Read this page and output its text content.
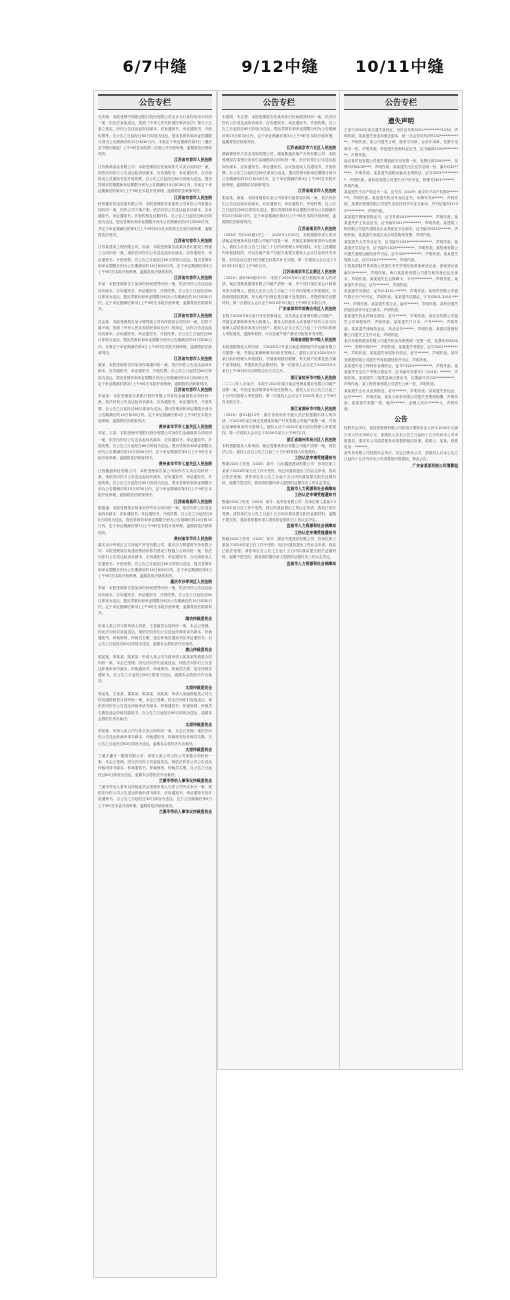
6/7中缝	9/12中缝	10/11中缝
公告专栏

孔庆敏：本院受理中国建设银行股份有限公司北京分行诉你信用卡纠纷一案，因无法直接送达，依照《中华人民共和国民事诉讼法》第九十五条之规定，向你公告送达起诉状副本、应诉通知书、举证通知书、开庭传票等。自公告之日起经过60日即视为送达，提出答辩状和举证的期限分别为公告期满后的15日和30日内，本案定于举证期满后第3日（遇法定节假日顺延）上午9时在本院第二法庭公开开庭审理，逾期将依法缺席判决。

江苏省句容市人民法院

江苏鼎鸿食品有限公司：本院受理原告张某诉你方买卖合同纠纷一案，现依法向你方公告送达起诉状副本、应诉通知书、举证通知书、合议庭组成人员通知书及开庭传票。自公告之日起经过60日即视为送达。提出答辩状的期限和举证期限分别为公告期满后15日和30日内。本案定于举证期满后的第3日上午9时在本院开庭审理，逾期将依法缺席判决。

江苏省句容市人民法院

杭州鑫旺机电设备有限公司：本院受理原告某建材公司诉你公司承揽合同纠纷一案，因你公司下落不明，依法向你公告送达起诉状副本、应诉通知书、举证通知书、开庭传票及证据材料。自公告之日起经过60日即视为送达，提出答辩状和举证期限分别为公告期满后的15日和30日内，并定于举证期满后的第3日上午9时30分在本院第五法庭开庭审理，逾期将依法判决。

江苏省句容市人民法院

江苏某建设工程有限公司、孙某：本院受理原告周某诉你们建设工程施工合同纠纷一案，现依法向你们公告送达起诉状副本、应诉通知书、举证通知书、开庭传票。自公告之日起经过60日即视为送达。提出答辩状和举证期限分别为公告期满后的15日和30日内，定于举证期满后第3日上午9时在本院开庭审理，逾期将依法缺席判决。

江苏省句容市人民法院

朱某：本院受理原告王某诉你民间借贷纠纷一案，依法向你公告送达起诉状副本、应诉通知书、举证通知书、开庭传票。自公告之日起经过60日即视为送达，提出答辩状和举证期限分别为公告期满后的15日和30日内，定于举证期满后第3日上午9时在本院开庭审理，逾期将依法缺席判决。

江苏省句容市人民法院

沈金春：本院受理原告某小额贷款公司诉你借款合同纠纷一案，因你下落不明，依照《中华人民共和国民事诉讼法》的规定，向你公告送达起诉状副本、应诉通知书、举证通知书、开庭传票。自公告之日起经过60日即视为送达，提出答辩状和举证期限分别为公告期满后的15日和30日内，本案定于举证期满后第3日上午9时在本院开庭审理，逾期将依法缺席判决。

江苏省句容市人民法院

夏某：本院受理原告许某诉你离婚纠纷一案，依法向你公告送达起诉状副本、应诉通知书、举证通知书、开庭传票。自公告之日起经过60日即视为送达，提出答辩状和举证期限分别为公告期满后的15日和30日内，定于举证期满后第3日上午9时在本院开庭审理，逾期将依法缺席判决。

江苏省句容市人民法院

朱某某：本院受理原告某银行股份有限公司诉你金融借款合同纠纷一案，依法向你公告送达起诉状副本、应诉通知书、举证通知书、开庭传票。自公告之日起经过60日即视为送达，提出答辩状和举证期限分别为公告期满后的15日和30日内，定于举证期满后第3日上午9时在本院开庭审理，逾期将依法缺席判决。

贵州省毕节市七星关区人民法院

李某、王某：本院受理中国银行股份有限公司诉你们金融借款合同纠纷一案，依法向你们公告送达起诉状副本、应诉通知书、举证通知书、开庭传票。自公告之日起经过60日即视为送达。提出答辩状和举证期限分别为公告期满后的15日和30日内，定于举证期满后第3日上午9时在本院开庭审理，逾期将依法缺席判决。

贵州省毕节市七星关区人民法院

江西鑫盛科技有限公司：本院受理原告某公司诉你方买卖合同纠纷一案，现依法向你方公告送达起诉状副本、应诉通知书、举证通知书、开庭传票。自公告之日起经过60日即视为送达，提出答辩状和举证期限分别为公告期满后的15日和30日内，定于举证期满后第3日上午9时在本院开庭审理，逾期将依法缺席判决。

江西省南昌市人民法院

陈德福：本院受理原告杨某诉你劳务合同纠纷一案，依法向你公告送达起诉状副本、应诉通知书、举证通知书、开庭传票。自公告之日起经过60日即视为送达，提出答辩状和举证期限分别为公告期满后的15日和30日内，定于举证期满后第3日上午9时在本院开庭审理，逾期将依法缺席判决。

贵州省毕节市人民法院

重庆市沙坪坝区五方房地产开发有限公司、重庆市力辉建筑劳务有限公司：本院受理原告某建设集团诉你们建设工程施工合同纠纷一案，依法向你们公告送达起诉状副本、应诉通知书、举证通知书、合议庭组成人员通知书、开庭传票。自公告之日起经过60日即视为送达，提出答辩状和举证期限分别为公告期满后的15日和30日内，定于举证期满后第3日上午9时在本院开庭审理，逾期将依法缺席判决。

重庆市沙坪坝区人民法院

李某：本院受理原告张某诉你民间借贷纠纷一案，依法向你公告送达起诉状副本、应诉通知书、举证通知书、开庭传票。自公告之日起经过60日即视为送达，提出答辩状和举证期限分别为公告期满后的15日和30日内，定于举证期满后第3日上午9时在本院开庭审理，逾期将依法缺席判决。

潍坊仲裁委员会

申请人某公司与被申请人刘某、王某租赁合同纠纷一案，本会已受理。因无法向你们直接送达，现依法向你们公告送达仲裁申请书副本、仲裁通知书、仲裁规则、仲裁员名册、选定仲裁员通知书及举证通知书。自公告之日起经过60日即视为送达，逾期本会将依法作出裁决。

唐山仲裁委员会

郭某某、李某某、陈某某：申请人某公司与被申请人郭某某等借款合同纠纷一案，本会已受理。因无法向你们直接送达，现依法向你们公告送达仲裁申请书副本、仲裁通知书、仲裁规则、仲裁员名册、选定仲裁员通知书。自公告之日起经过60日即视为送达，逾期本会将依法作出裁决。

太原仲裁委员会

郭某某、王某某、董某某、陈某某、刘某某：申请人某融资租赁公司与你们融资租赁合同纠纷一案，本会已受理。因无法向你们直接送达，现依法向你们公告送达仲裁申请书副本、仲裁通知书、仲裁规则、仲裁员名册及选定仲裁员通知书。自公告之日起经过60日即视为送达，逾期本会将依法作出裁决。

太原仲裁委员会

李某某：申请人某公司与你买卖合同纠纷一案，本会已受理。现依法向你公告送达仲裁申请书副本、仲裁通知书、仲裁规则及仲裁员名册。自公告之日起经过60日即视为送达，逾期本会将依法作出裁决。

太原仲裁委员会

兰溪天谦开一服饰有限公司：申请人某公司与你公司承揽合同纠纷一案，本会已受理。因无法向你公司直接送达，现依法向你公司公告送达仲裁申请书副本、仲裁通知书、仲裁规则、仲裁员名册。自公告之日起经过60日即视为送达，逾期本会将依法作出裁决。

兰溪市劳动人事争议仲裁委员会

兰溪市劳动人事争议仲裁委员会受理申请人与你公司劳动争议一案，现依法向你公司公告送达仲裁申请书副本、应诉通知书、举证通知书及开庭通知书。自公告之日起经过30日即视为送达，定于公告期满后第5日上午9时在本委开庭审理，逾期将依法缺席裁决。

兰溪市劳动人事争议仲裁委员会

公告专栏

朱建明、朱志勇：本院受理原告张某诉你们民间借贷纠纷一案，依法向你们公告送达起诉状副本、应诉通知书、举证通知书、开庭传票。自公告之日起经过60日即视为送达，提出答辩状和举证期限分别为公告期满后的15日和30日内，定于举证期满后第3日上午9时在本院开庭审理，逾期将依法缺席判决。

江苏省南京市六合区人民法院

湖南锦绣华天实业发展有限公司、湖南鼎盛房地产开发有限公司：本院受理原告某银行诉你们金融借款合同纠纷一案，依法向你们公告送达起诉状副本、应诉通知书、举证通知书、合议庭组成人员通知书、开庭传票。自公告之日起经过60日即视为送达，提出答辩状和举证期限分别为公告期满后的15日和30日内，定于举证期满后第3日上午9时在本院开庭审理，逾期将依法缺席判决。

江苏省南京市人民法院

张某某、黄某：本院受理原告某公司诉你们追偿权纠纷一案，依法向你们公告送达起诉状副本、应诉通知书、举证通知书、开庭传票。自公告之日起经过60日即视为送达，提出答辩状和举证期限分别为公告期满后的15日和30日内，定于举证期满后第3日上午9时在本院开庭审理，逾期将依法缺席判决。

江苏省南京市人民法院

（2020）苏0192破1号之一：2020年1月20日，本院根据申请人的申请裁定受理某科技有限公司破产清算一案，并指定某律师事务所为管理人。债权人应自公告之日起三十日内向管理人申报债权。未在上述期限内申报债权的，可以在破产财产分配方案提交债权人会议讨论前补充申报，但对此前已进行的分配无权要求补充分配。第一次债权人会议定于2020年5月某日上午9时召开。

江苏省南京市江北新区人民法院

（2020）浙0782破申1号：本院于2020年8月某日根据申请人的申请，裁定受理某服饰有限公司破产清算一案，并于同日指定某会计师事务所为管理人。债权人应在公告之日起三十日内向管理人申报债权，书面说明债权数额、有无财产担保及是否属于连带债权，并提供相关证据材料。第一次债权人会议定于2020年9月某日上午9时在本院召开。

广东省深圳市前海合作区人民法院

本院于2020年6月某日作出民事裁定，宣告某企业管理有限公司破产，并指定某律师事务所为管理人。债务人的债务人或者财产持有人应当向管理人清偿债务或者交付财产。债权人应自公告之日起三十日内向管理人申报债权，逾期申报的，可以在破产财产最后分配前补充申报。

河南省信阳市中级人民法院

本院根据债权人的申请，于2020年7月某日裁定受理某汽车运输有限公司重整一案，并指定某律师事务所担任管理人。债权人应在2020年9月某日前向管理人申报债权，书面说明债权数额、有无财产担保及是否属于连带债权，并提供相关证据材料。第一次债权人会议定于2020年9月某日上午9时30分以网络会议方式召开。

浙江省杭州市中级人民法院

二○二○年八月某日：本院于2020年某日裁定受理某置业有限公司破产清算一案，并指定某清算事务所担任管理人。债权人应自公告之日起三十日内向管理人申报债权。第一次债权人会议定于2020年某日上午9时在本院召开。

浙江省湖州市中级人民法院

（2020）浙01破13号：浙江省杭州市中级人民法院根据申请人的申请，于2020年某日裁定受理某房地产开发有限公司破产重整一案，并指定某律师事务所为管理人。债权人应于2020年某日前向管理人申报债权。第一次债权人会议定于2020年某日上午9时召开。

浙江省湖州市吴兴区人民法院

本院根据债务人的申请，裁定受理某家纺有限公司破产清算一案，现依法公告。债权人应自公告之日起三十日内向管理人申报债权。

工伤认定申请受理通知书

鄂地2020工伤受〔2020〕某号：山东鑫建建设有限公司：你单位职工某某于2020年某日在工作中受伤，现已向我局提出工伤认定申请，我局已依法受理。请你单位自公告之日起十五日内向我局提交相关证据材料，逾期不提交的，我局将依据申请人提供的证据作出工伤认定决定。

宜昌市人力资源和社会保障局

工伤认定申请受理通知书

鄂地2020工伤受〔2020〕某号：某劳务有限公司：你单位职工某某于2020年某日在工作中受伤，现已向我局提出工伤认定申请，我局已依法受理。请你单位自公告之日起十五日内向我局提交相关证据材料，逾期不提交的，我局将依据申请人提供的证据作出工伤认定决定。

宜昌市人力资源和社会保障局

工伤认定申请受理通知书

鄂地2020工伤受〔2020〕某号：湖北中建建设有限公司：你单位职工某某于2020年某日在工作中受伤，现已向我局提出工伤认定申请，我局已依法受理。请你单位自公告之日起十五日内向我局提交相关证据材料，逾期不提交的，我局将依据申请人提供的证据作出工伤认定决定。

宜昌市人力资源和社会保障局

公告专栏
遗失声明

王某于2020年某日遗失身份证，身份证号码3201**********1234，声明作废。某某遗失营业执照正副本，统一社会信用代码9132************，声明作废。某公司遗失公章、财务专用章、合同专用章、发票专用章各一枚，声明作废。李某遗失医师执业证书，证书编码1100**********，声明作废。

南京某贸易有限公司遗失增值税专用发票一份，发票代码3200****，发票号码0000****，声明作废。某某遗失出生医学证明一份，编号Q32******，声明作废。某某遗失道路运输从业资格证，证号3201**********，声明作废。某科技有限公司遗失开户许可证，核准号J301*******，声明作废。

某某遗失不动产权证书一本，证号苏（2019）南京市不动产权第0******号，声明作废。某某遗失机动车登记证书，车牌号苏A*****，声明作废。某餐饮管理有限公司遗失食品经营许可证正副本，许可证编号JY132**********，声明作废。

某某遗失教师资格证书，证书号码2019*************，声明作废。某某遗失护士执业证书，证书编号2017*********，声明作废。某建筑工程有限公司遗失建筑业企业资质证书正副本，证书编号D332******，声明作废。某某遗失房屋买卖合同及购房发票，声明作废。

某某遗失大学毕业证书，证书编号1029*************，声明作废。某某遗失学位证书，证书编号1029**********，声明作废。某物流有限公司遗失道路运输经营许可证，证号320*********，声明作废。某某遗失残疾人证，证号3201**********，声明作废。

宁波某国际贸易有限公司遗失对外贸易经营者备案登记表，备案登记表编号0*******，声明作废。海口某投资有限公司遗失税务登记证正副本，声明作废。某某遗失社会保障卡，卡号**********，声明作废。某某遗失军官证，证号*******，声明作废。

某某遗失导游证，证号D-3201-******，声明作废。某商贸有限公司遗失银行开户许可证，声明作废。某某遗失结婚证，字号J3201-2015-******，声明作废。某某遗失准生证，编号******，声明作废。某药房遗失药品经营许可证正副本，声明作废。

某某遗失执业药师注册证，证号******，声明作废。某实业有限公司遗失公司章程原件，声明作废。某某遗失户口本，户号******，声明作废。某某遗失律师执业证，执业证号******，声明作废。某酒店管理有限公司遗失卫生许可证，声明作废。

某汽车销售服务有限公司遗失机动车销售统一发票一张，发票代码3200****，发票号码0***，声明作废。某某遗失驾驶证，证号3201**********，声明作废。某某遗失房屋所有权证，证号******，声明作废。某劳务派遣有限公司遗失劳务派遣经营许可证，声明作废。

某某遗失电工特种作业操作证，证号T3201**********，声明作废。某某遗失安全生产考核合格证书，证书编号苏建安C（2016）******，声明作废。某某遗失二级建造师注册证书，注册编号苏232**********，声明作废。某工程咨询有限公司遗失公章一枚，声明作废。

某某遗失会计从业资格证，证号******，声明作废。某某遗失营运证，证号******，声明作废。某电子商务有限公司遗失发票领购簿，声明作废。某某遗失收据一张，编号******，金额人民币******元，声明作废。

公告

经股东会决议，某投资管理有限公司拟将注册资本由人民币1000万元减少至人民币500万元，请债权人自本公告之日起四十五日内向本公司申报债权，要求本公司清偿债务或者提供相应担保。联系人：某某，联系电话：*******。

某贸易有限公司经股东会决议，决定注销本公司，请债权人自本公告之日起四十五日内向本公司清算组申报债权。特此公告。

广东省某某有限公司清算组
